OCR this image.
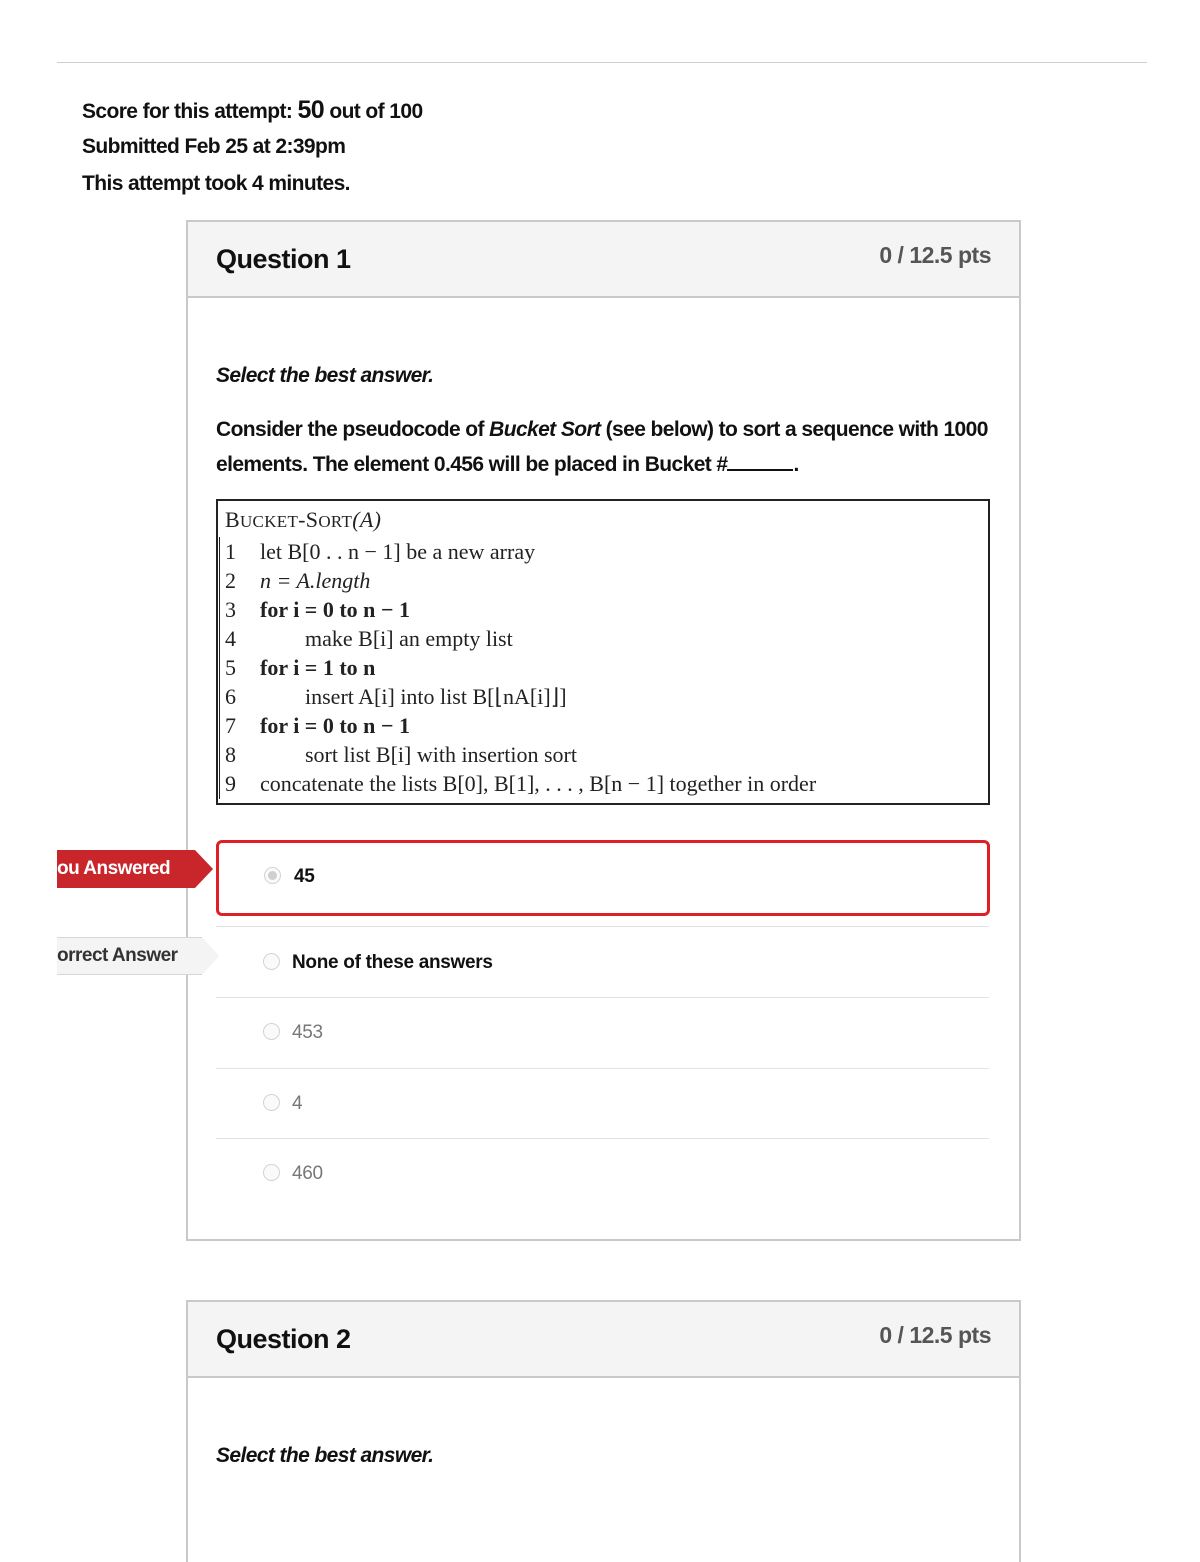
Score for this attempt: 50 out of 100
Submitted Feb 25 at 2:39pm
This attempt took 4 minutes.
Question 1	0 / 12.5 pts
Select the best answer.
Consider the pseudocode of Bucket Sort (see below) to sort a sequence with 1000 elements. The element 0.456 will be placed in Bucket #	.
BUCKET-SORT(A)
1 let B[0 . . n − 1] be a new array
2 n = A.length
3 for i = 0 to n − 1
4	make B[i] an empty list
5 for i = 1 to n
6	insert A[i] into list B[⌊nA[i]⌋]
7 for i = 0 to n − 1
8	sort list B[i] with insertion sort
9 concatenate the lists B[0], B[1], . . . , B[n − 1] together in order
45
None of these answers
453
4
460
ou Answered
orrect Answer
Question 2	0 / 12.5 pts
Select the best answer.
